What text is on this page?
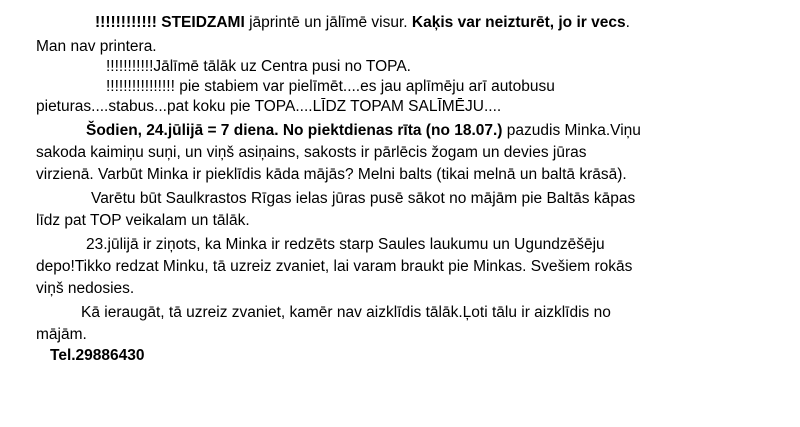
!!!!!!!!!!!! STEIDZAMI jāprintē un jālīmē visur. Kaķis var neizturēt, jo ir vecs.
Man nav printera.
!!!!!!!!!!!Jālīmē tālāk uz Centra pusi no TOPA.
!!!!!!!!!!!!!!!! pie stabiem var pielīmēt....es jau aplīmēju arī autobusu
pieturas....stabus...pat koku pie TOPA....LĪDZ TOPAM SALĪMĒJU....
Šodien, 24.jūlijā = 7 diena. No piektdienas rīta (no 18.07.) pazudis Minka.Viņu
sakoda kaimiņu suņi, un viņš asiņains, sakosts ir pārlēcis žogam un devies jūras
virzienā. Varbūt Minka ir pieklīdis kāda mājās? Melni balts (tikai melnā un baltā krāsā).
Varētu būt Saulkrastos Rīgas ielas jūras pusē sākot no mājām pie Baltās kāpas
līdz pat TOP veikalam un tālāk.
23.jūlijā ir ziņots, ka Minka ir redzēts starp Saules laukumu un Ugundzēšēju
depo!Tikko redzat Minku, tā uzreiz zvaniet, lai varam braukt pie Minkas. Svešiem rokās
viņš nedosies.
Kā ieraugāt, tā uzreiz zvaniet, kamēr nav aizklīdis tālāk.Ļoti tālu ir aizklīdis no
mājām.
Tel.29886430
